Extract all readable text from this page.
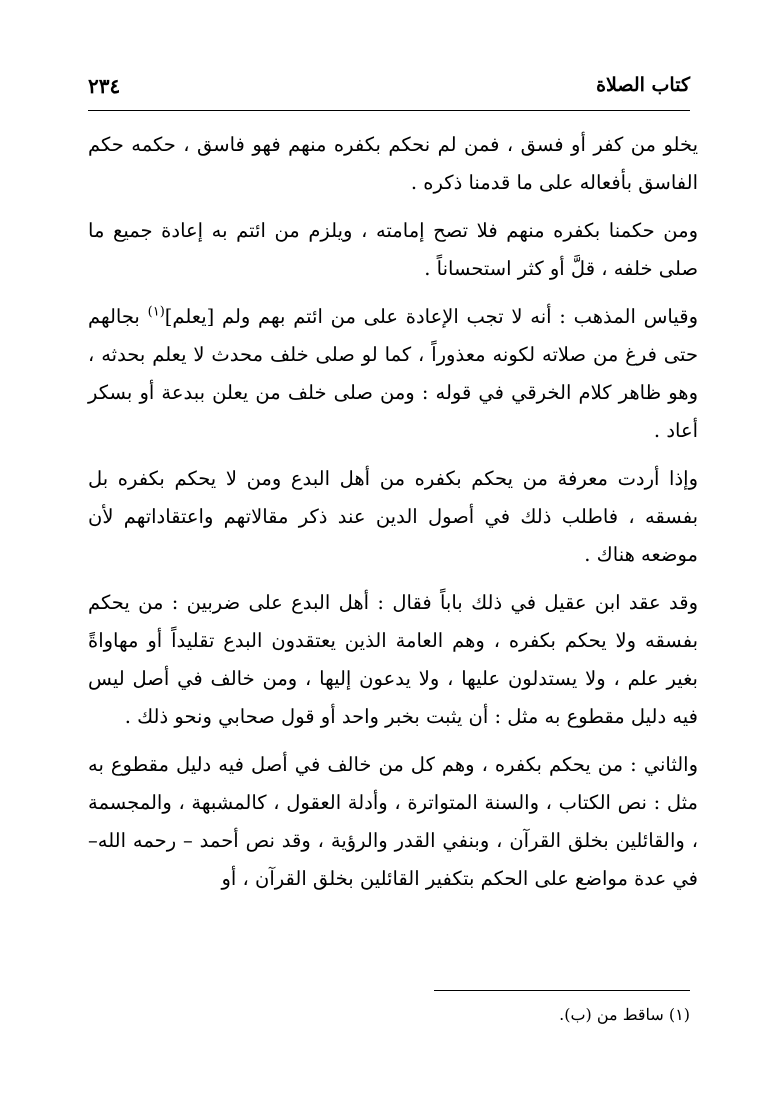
كتاب الصلاة
٢٣٤

يخلو من كفر أو فسق ، فمن لم نحكم بكفره منهم فهو فاسق ، حكمه حكم الفاسق بأفعاله على ما قدمنا ذكره .

ومن حكمنا بكفره منهم فلا تصح إمامته ، ويلزم من ائتم به إعادة جميع ما صلى خلفه ، قلَّ أو كثر استحساناً .

وقياس المذهب : أنه لا تجب الإعادة على من ائتم بهم ولم [يعلم]$^{(١)}$ بجالهم حتى فرغ من صلاته لكونه معذوراً ، كما لو صلى خلف محدث لا يعلم بحدثه ، وهو ظاهر كلام الخرقي في قوله : ومن صلى خلف من يعلن ببدعة أو بسكر أعاد .

وإذا أردت معرفة من يحكم بكفره من أهل البدع ومن لا يحكم بكفره بل بفسقه ، فاطلب ذلك في أصول الدين عند ذكر مقالاتهم واعتقاداتهم لأن موضعه هناك .

وقد عقد ابن عقيل في ذلك باباً فقال : أهل البدع على ضربين : من يحكم بفسقه ولا يحكم بكفره ، وهم العامة الذين يعتقدون البدع تقليداً أو مهاواةً بغير علم ، ولا يستدلون عليها ، ولا يدعون إليها ، ومن خالف في أصل ليس فيه دليل مقطوع به مثل : أن يثبت بخبر واحد أو قول صحابي ونحو ذلك .

والثاني : من يحكم بكفره ، وهم كل من خالف في أصل فيه دليل مقطوع به مثل : نص الكتاب ، والسنة المتواترة ، وأدلة العقول ، كالمشبهة ، والمجسمة ، والقائلين بخلق القرآن ، وبنفي القدر والرؤية ، وقد نص أحمد – رحمه الله– في عدة مواضع على الحكم بتكفير القائلين بخلق القرآن ، أو

(١) ساقط من (ب).
